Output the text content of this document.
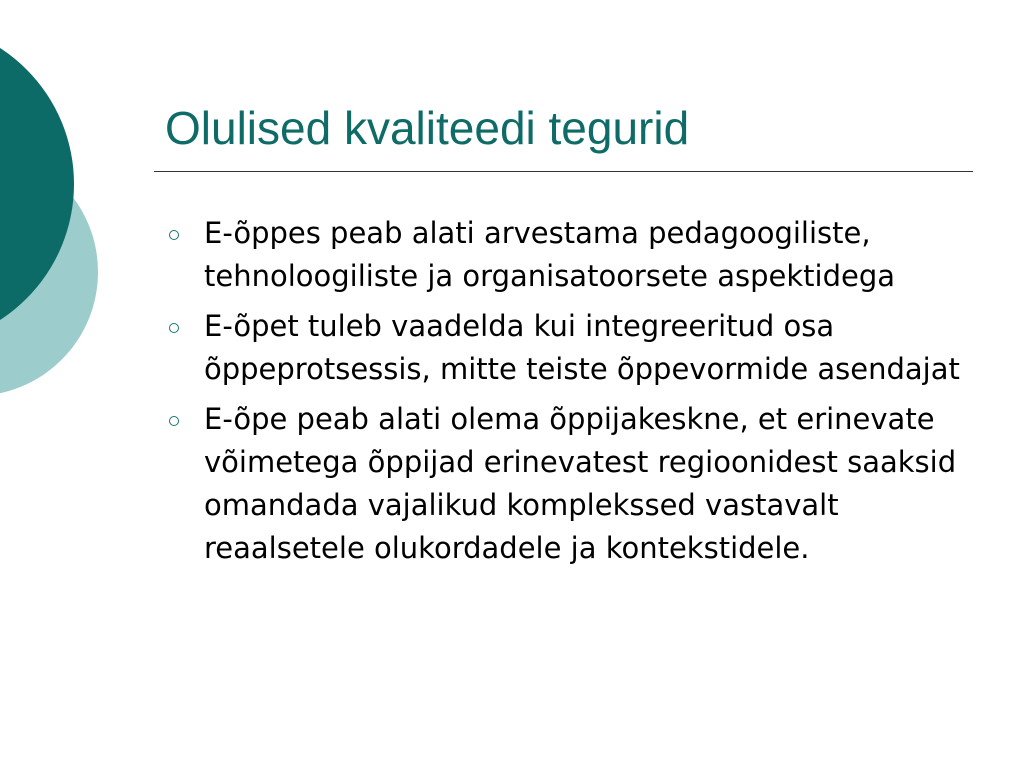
Olulised kvaliteedi tegurid
E-õppes peab alati arvestama pedagoogiliste, tehnoloogiliste ja organisatoorsete aspektidega
E-õpet tuleb vaadelda kui integreeritud osa õppeprotsessis, mitte teiste õppevormide asendajat
E-õpe peab alati olema õppijakeskne, et erinevate võimetega õppijad erinevatest regioonidest saaksid omandada vajalikud komplekssed vastavalt reaalsetele olukordadele ja kontekstidele.
